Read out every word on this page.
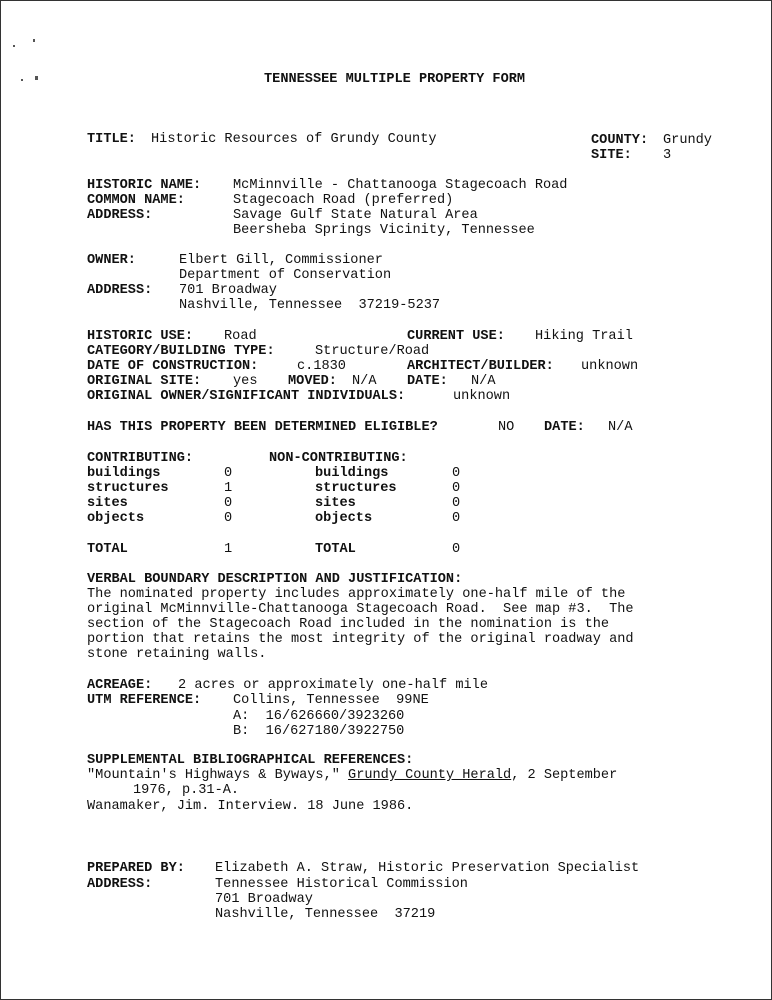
TENNESSEE MULTIPLE PROPERTY FORM
TITLE: Historic Resources of Grundy County	COUNTY: Grundy
SITE: 3
HISTORIC NAME: McMinnville - Chattanooga Stagecoach Road
COMMON NAME:	Stagecoach Road (preferred)
ADDRESS:	Savage Gulf State Natural Area
Beersheba Springs Vicinity, Tennessee
OWNER:	Elbert Gill, Commissioner
Department of Conservation
ADDRESS: 701 Broadway
Nashville, Tennessee  37219-5237
HISTORIC USE: Road	CURRENT USE: Hiking Trail
CATEGORY/BUILDING TYPE:	Structure/Road
DATE OF CONSTRUCTION:	c.1830	ARCHITECT/BUILDER: unknown
ORIGINAL SITE: yes MOVED: N/A DATE: N/A
ORIGINAL OWNER/SIGNIFICANT INDIVIDUALS:	unknown
HAS THIS PROPERTY BEEN DETERMINED ELIGIBLE?	NO DATE: N/A
CONTRIBUTING:	NON-CONTRIBUTING:
buildings	0	buildings	0
structures	1	structures	0
sites	0	sites	0
objects	0	objects	0
TOTAL	1	TOTAL	0
VERBAL BOUNDARY DESCRIPTION AND JUSTIFICATION:
The nominated property includes approximately one-half mile of the
original McMinnville-Chattanooga Stagecoach Road.  See map #3.  The
section of the Stagecoach Road included in the nomination is the
portion that retains the most integrity of the original roadway and
stone retaining walls.
ACREAGE: 2 acres or approximately one-half mile
UTM REFERENCE: Collins, Tennessee  99NE
A:  16/626660/3923260
B:  16/627180/3922750
SUPPLEMENTAL BIBLIOGRAPHICAL REFERENCES:
"Mountain's Highways & Byways," Grundy County Herald, 2 September
1976, p.31-A.
Wanamaker, Jim. Interview. 18 June 1986.
PREPARED BY: Elizabeth A. Straw, Historic Preservation Specialist
ADDRESS:	Tennessee Historical Commission
701 Broadway
Nashville, Tennessee  37219
